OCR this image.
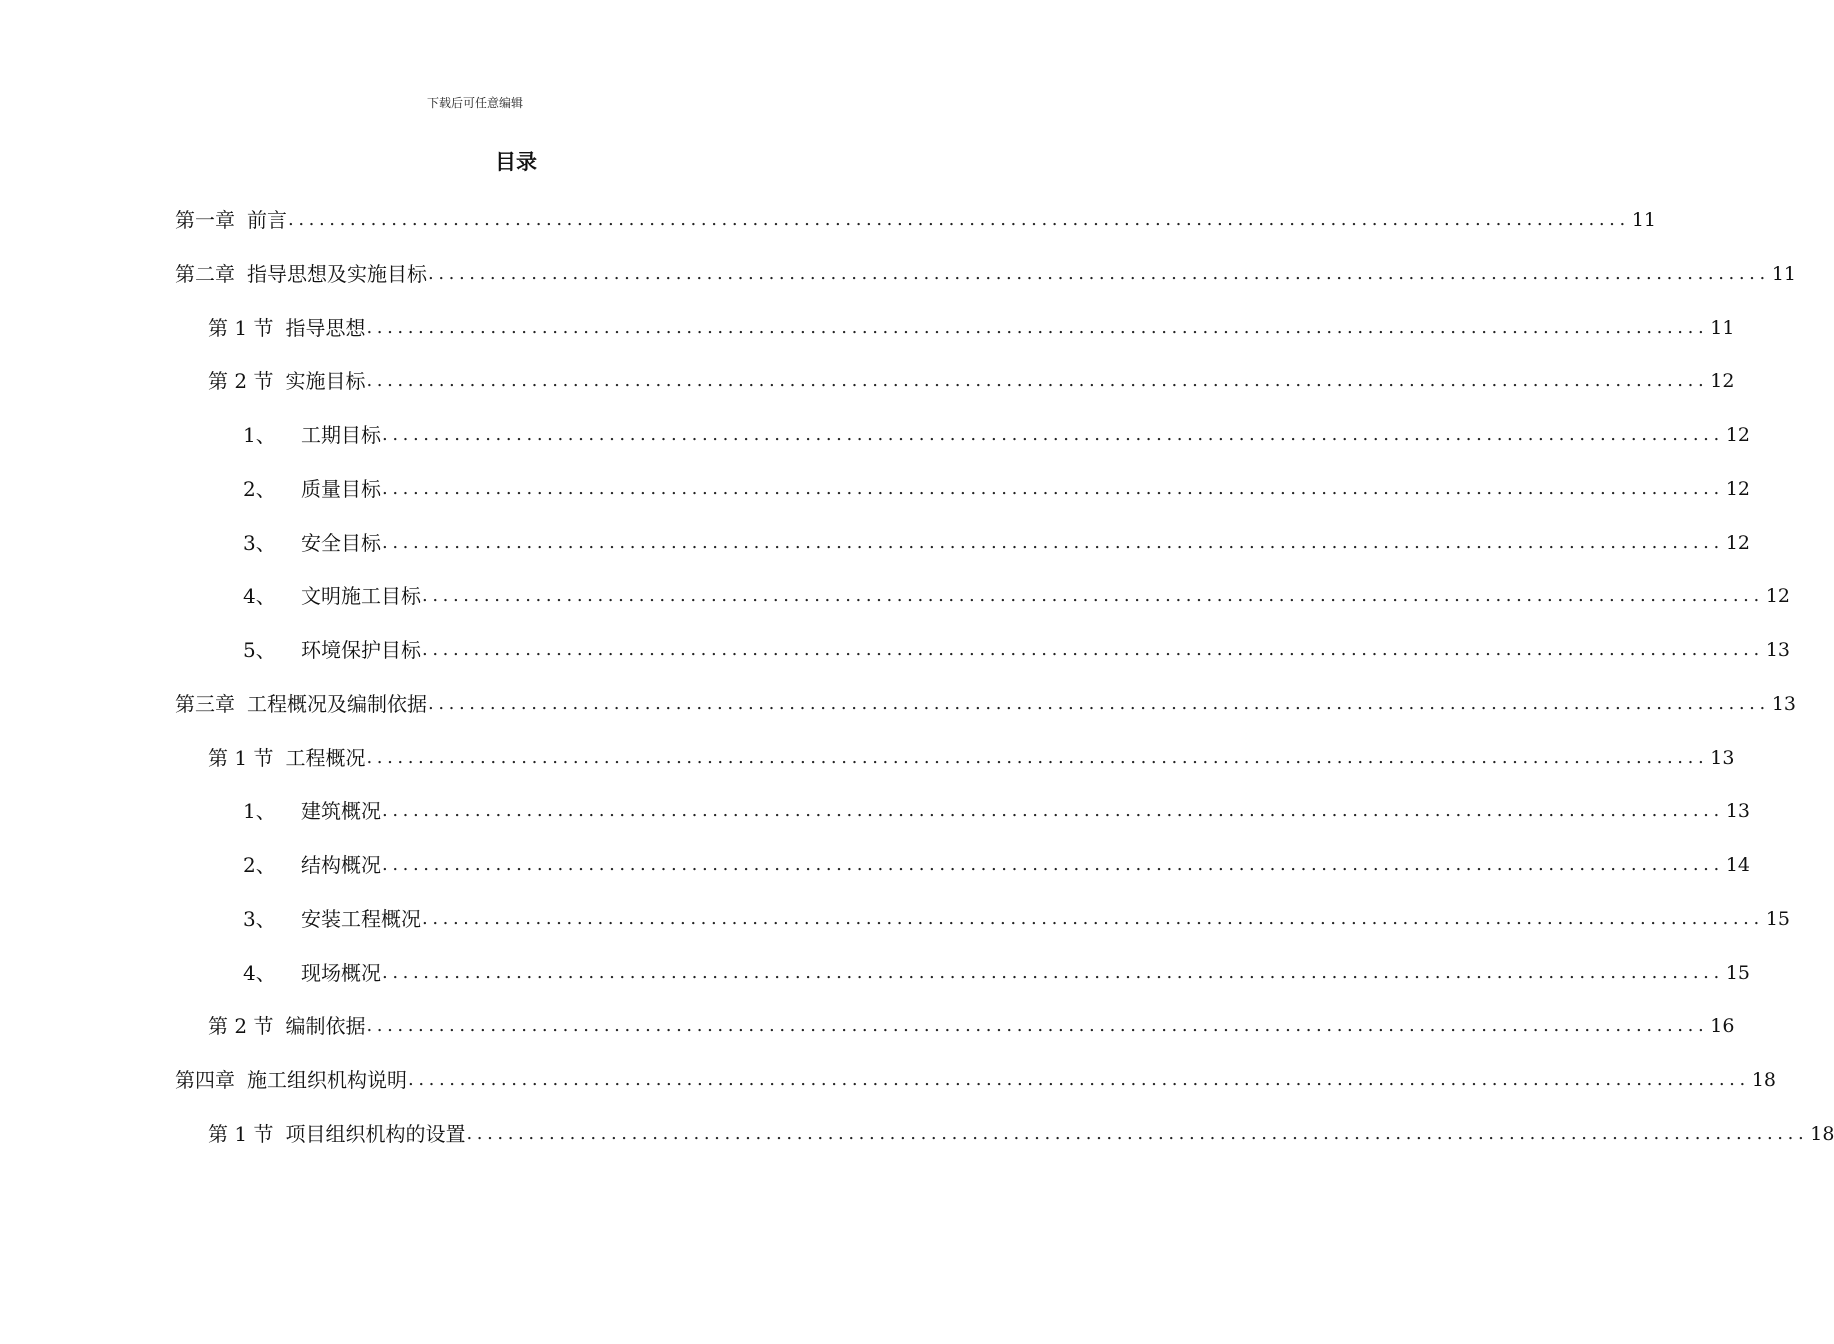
下载后可任意编辑
目录
第一章 前言 .................................................................................................................................. 11
第二章 指导思想及实施目标 .................................................................................................................................. 11
第 1 节 指导思想 .................................................................................................................................. 11
第 2 节 实施目标 .................................................................................................................................. 12
1、	工期目标 .................................................................................................................................. 12
2、	质量目标 .................................................................................................................................. 12
3、	安全目标 .................................................................................................................................. 12
4、	文明施工目标 .................................................................................................................................. 12
5、	环境保护目标 .................................................................................................................................. 13
第三章 工程概况及编制依据 .................................................................................................................................. 13
第 1 节 工程概况 .................................................................................................................................. 13
1、	建筑概况 .................................................................................................................................. 13
2、	结构概况 .................................................................................................................................. 14
3、	安装工程概况 .................................................................................................................................. 15
4、	现场概况 .................................................................................................................................. 15
第 2 节 编制依据 .................................................................................................................................. 16
第四章 施工组织机构说明 .................................................................................................................................. 18
第 1 节 项目组织机构的设置 .................................................................................................................................. 18
